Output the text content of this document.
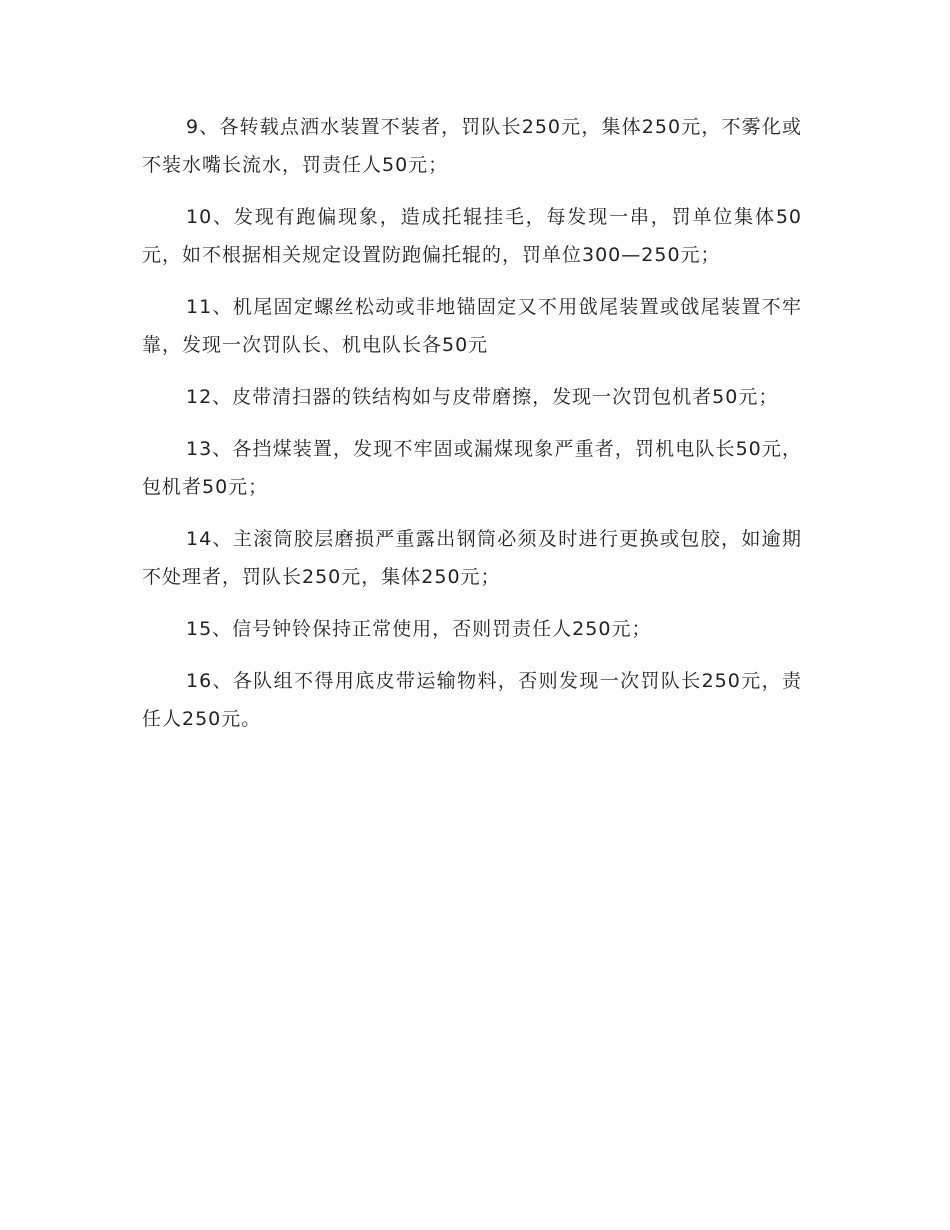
9、各转载点洒水装置不装者，罚队长250元，集体250元，不雾化或不装水嘴长流水，罚责任人50元；

10、发现有跑偏现象，造成托辊挂毛，每发现一串，罚单位集体50元，如不根据相关规定设置防跑偏托辊的，罚单位300—250元；

11、机尾固定螺丝松动或非地锚固定又不用戗尾装置或戗尾装置不牢靠，发现一次罚队长、机电队长各50元

12、皮带清扫器的铁结构如与皮带磨擦，发现一次罚包机者50元；

13、各挡煤装置，发现不牢固或漏煤现象严重者，罚机电队长50元，包机者50元；

14、主滚筒胶层磨损严重露出钢筒必须及时进行更换或包胶，如逾期不处理者，罚队长250元，集体250元；

15、信号钟铃保持正常使用，否则罚责任人250元；

16、各队组不得用底皮带运输物料，否则发现一次罚队长250元，责任人250元。
